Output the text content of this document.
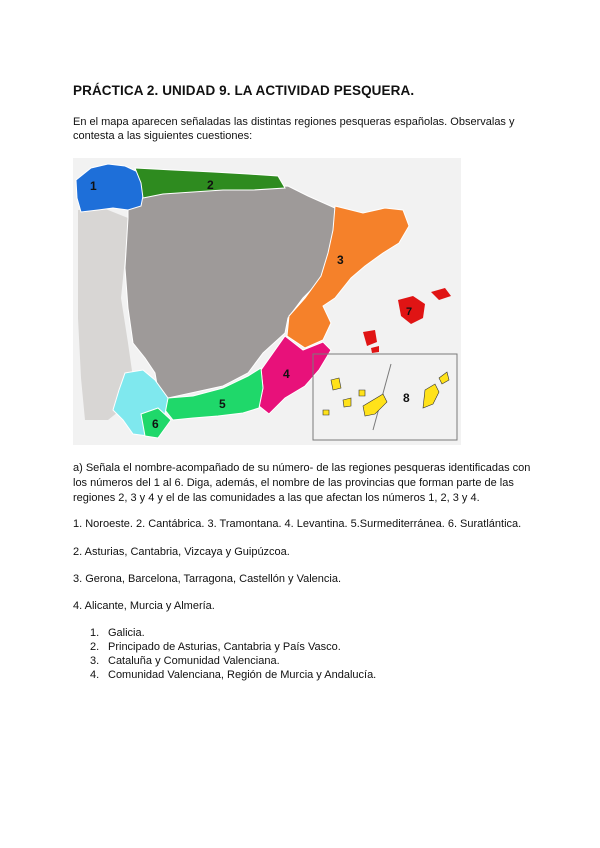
PRÁCTICA 2. UNIDAD 9. LA ACTIVIDAD PESQUERA.

En el mapa aparecen señaladas las distintas regiones pesqueras españolas. Observalas y contesta a las siguientes cuestiones:

1	2
3
4
5
6
7
8

a) Señala el nombre-acompañado de su número- de las regiones pesqueras identificadas con los números del 1 al 6. Diga, además, el nombre de las provincias que forman parte de las regiones 2, 3 y 4 y el de las comunidades a las que afectan los números 1, 2, 3 y 4.

1. Noroeste. 2. Cantábrica. 3. Tramontana. 4. Levantina. 5.Surmediterránea. 6. Suratlántica.

2. Asturias, Cantabria, Vizcaya y Guipúzcoa.

3. Gerona, Barcelona, Tarragona, Castellón y Valencia.

4. Alicante, Murcia y Almería.

1. Galicia.
2. Principado de Asturias, Cantabria y País Vasco.
3. Cataluña y Comunidad Valenciana.
4. Comunidad Valenciana, Región de Murcia y Andalucía.
